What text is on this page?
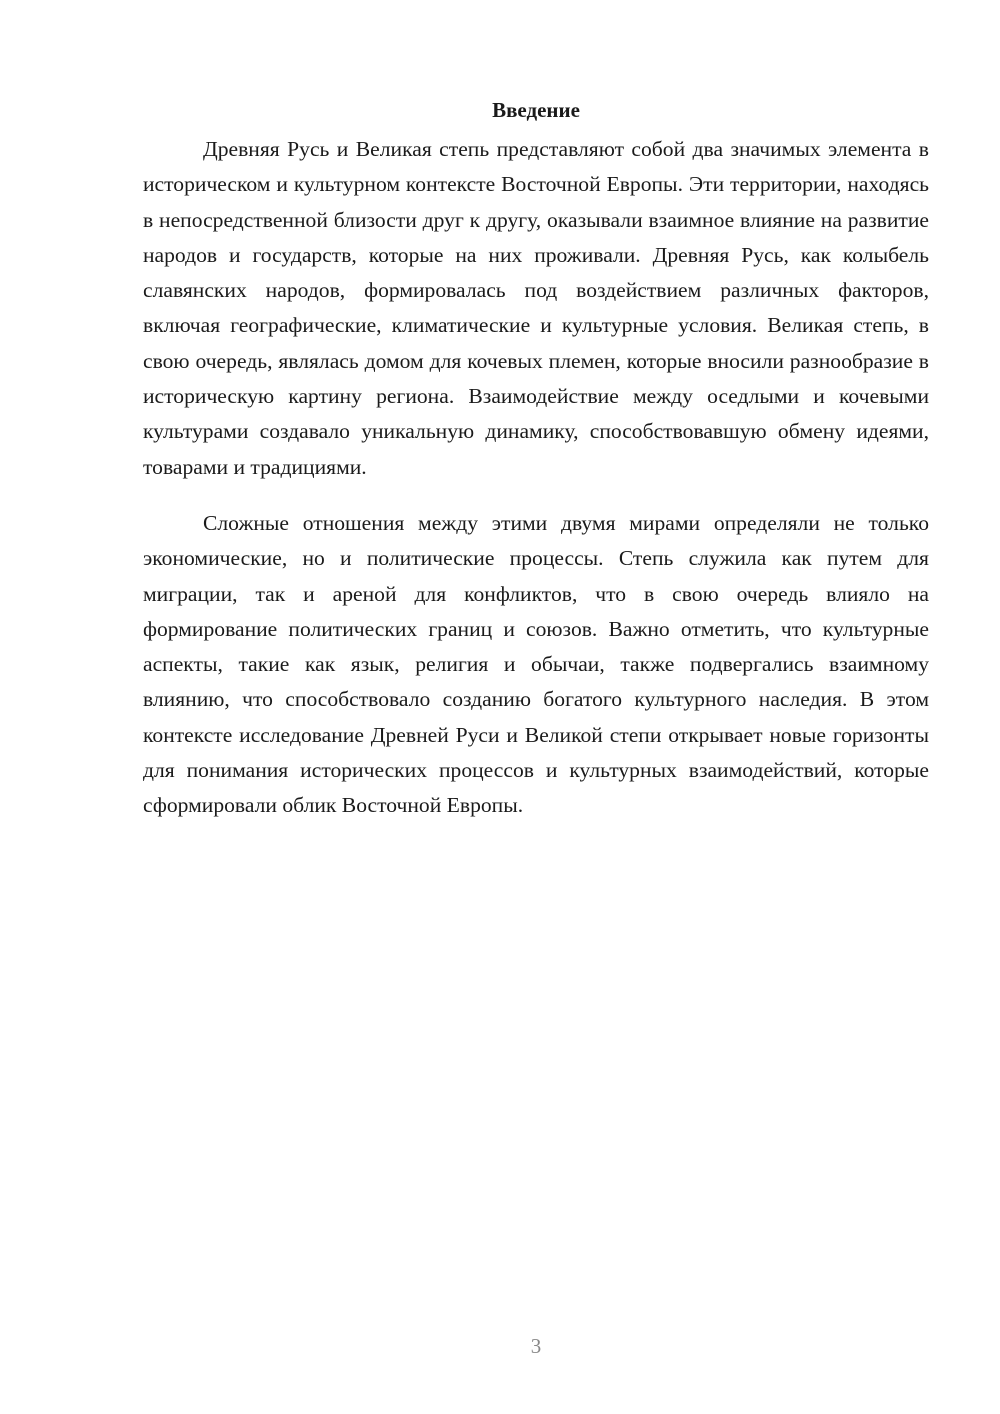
Введение

Древняя Русь и Великая степь представляют собой два значимых элемента в историческом и культурном контексте Восточной Европы. Эти территории, находясь в непосредственной близости друг к другу, оказывали взаимное влияние на развитие народов и государств, которые на них проживали. Древняя Русь, как колыбель славянских народов, формировалась под воздействием различных факторов, включая географические, климатические и культурные условия. Великая степь, в свою очередь, являлась домом для кочевых племен, которые вносили разнообразие в историческую картину региона. Взаимодействие между оседлыми и кочевыми культурами создавало уникальную динамику, способствовавшую обмену идеями, товарами и традициями.

Сложные отношения между этими двумя мирами определяли не только экономические, но и политические процессы. Степь служила как путем для миграции, так и ареной для конфликтов, что в свою очередь влияло на формирование политических границ и союзов. Важно отметить, что культурные аспекты, такие как язык, религия и обычаи, также подвергались взаимному влиянию, что способствовало созданию богатого культурного наследия. В этом контексте исследование Древней Руси и Великой степи открывает новые горизонты для понимания исторических процессов и культурных взаимодействий, которые сформировали облик Восточной Европы.

3
